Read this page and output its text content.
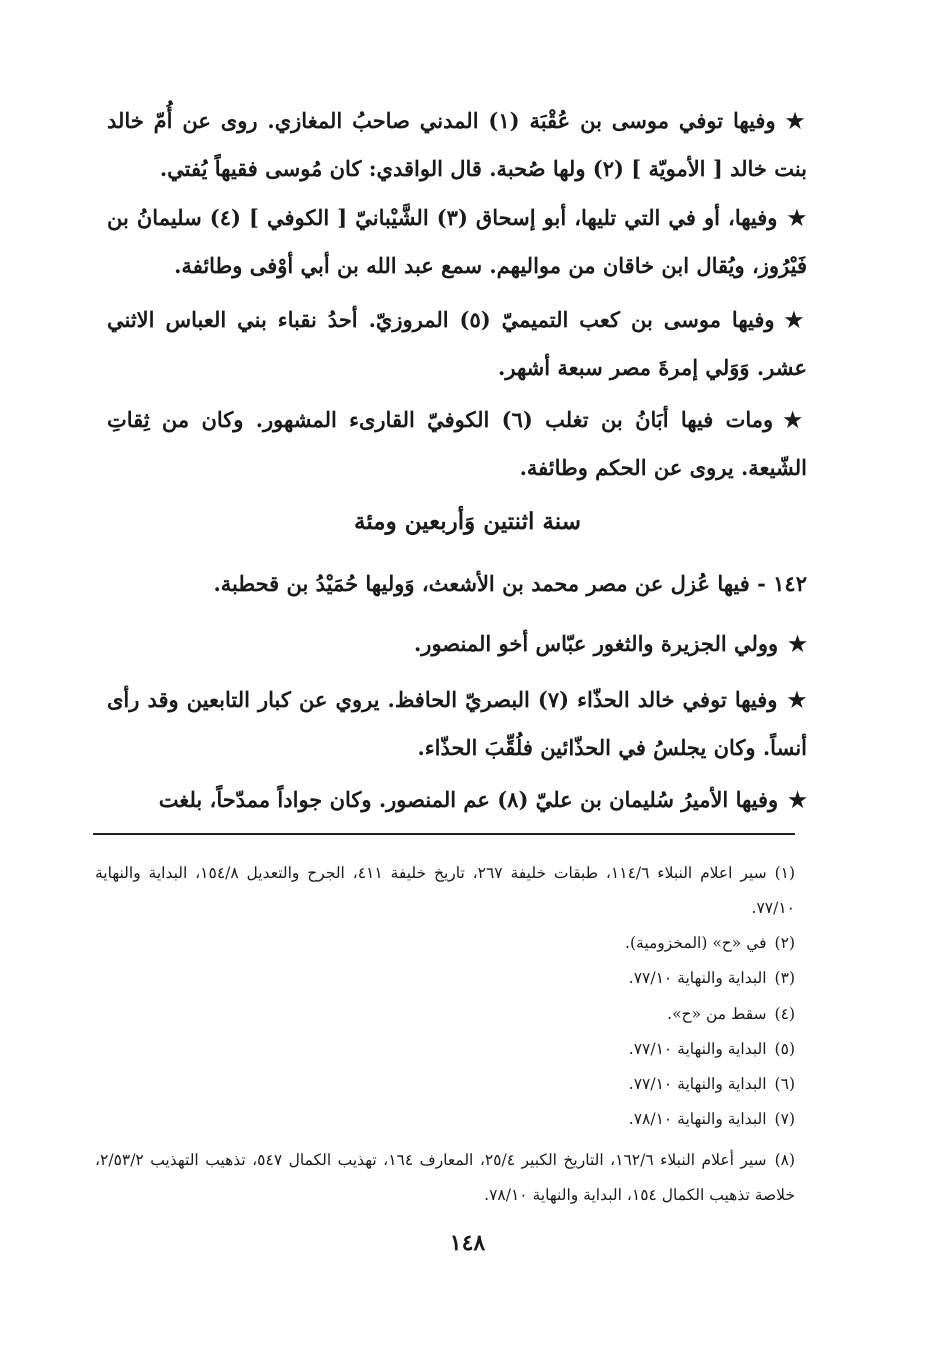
★وفيها توفي موسى بن عُقْبَة (١) المدني صاحبُ المغازي. روى عن أُمّ خالد بنت خالد [ الأمويّة ] (٢) ولها صُحبة. قال الواقدي: كان مُوسى فقيهاً يُفتي.

★وفيها، أو في التي تليها، أبو إسحاق (٣) الشَّيْبانيّ [ الكوفي ] (٤) سليمانُ بن فَيْرُوز، ويُقال ابن خاقان من مواليهم. سمع عبد الله بن أبي أوْفى وطائفة.

★وفيها موسى بن كعب التميميّ (٥) المروزيّ. أحدُ نقباء بني العباس الاثني عشر. وَوَلي إمرةَ مصر سبعة أشهر.

★ومات فيها أبَانُ بن تغلب (٦) الكوفيّ القارىء المشهور. وكان من ثِقاتِ الشّيعة. يروى عن الحكم وطائفة.

سنة اثنتين وَأربعين ومئة

١٤٢ - فيها عُزل عن مصر محمد بن الأشعث، وَوليها حُمَيْدُ بن قحطبة.

★وولي الجزيرة والثغور عبّاس أخو المنصور.

★وفيها توفي خالد الحذّاء (٧) البصريّ الحافظ. يروي عن كبار التابعين وقد رأى أنساً. وكان يجلسُ في الحذّائين فلُقِّبَ الحذّاء.

★وفيها الأميرُ سُليمان بن عليّ (٨) عم المنصور. وكان جواداً ممدّحاً، بلغت

(١)سير اعلام النبلاء ١١٤/٦، طبقات خليفة ٢٦٧، تاريخ خليفة ٤١١، الجرح والتعديل ١٥٤/٨، البداية والنهاية ٧٧/١٠.

(٢)في «ح» (المخزومية).

(٣)البداية والنهاية ٧٧/١٠.

(٤)سقط من «ح».

(٥)البداية والنهاية ٧٧/١٠.

(٦)البداية والنهاية ٧٧/١٠.

(٧)البداية والنهاية ٧٨/١٠.

(٨)سير أعلام النبلاء ١٦٢/٦، التاريخ الكبير ٢٥/٤، المعارف ١٦٤، تهذيب الكمال ٥٤٧، تذهيب التهذيب ٢/٥٣/٢، خلاصة تذهيب الكمال ١٥٤، البداية والنهاية ٧٨/١٠.

١٤٨
